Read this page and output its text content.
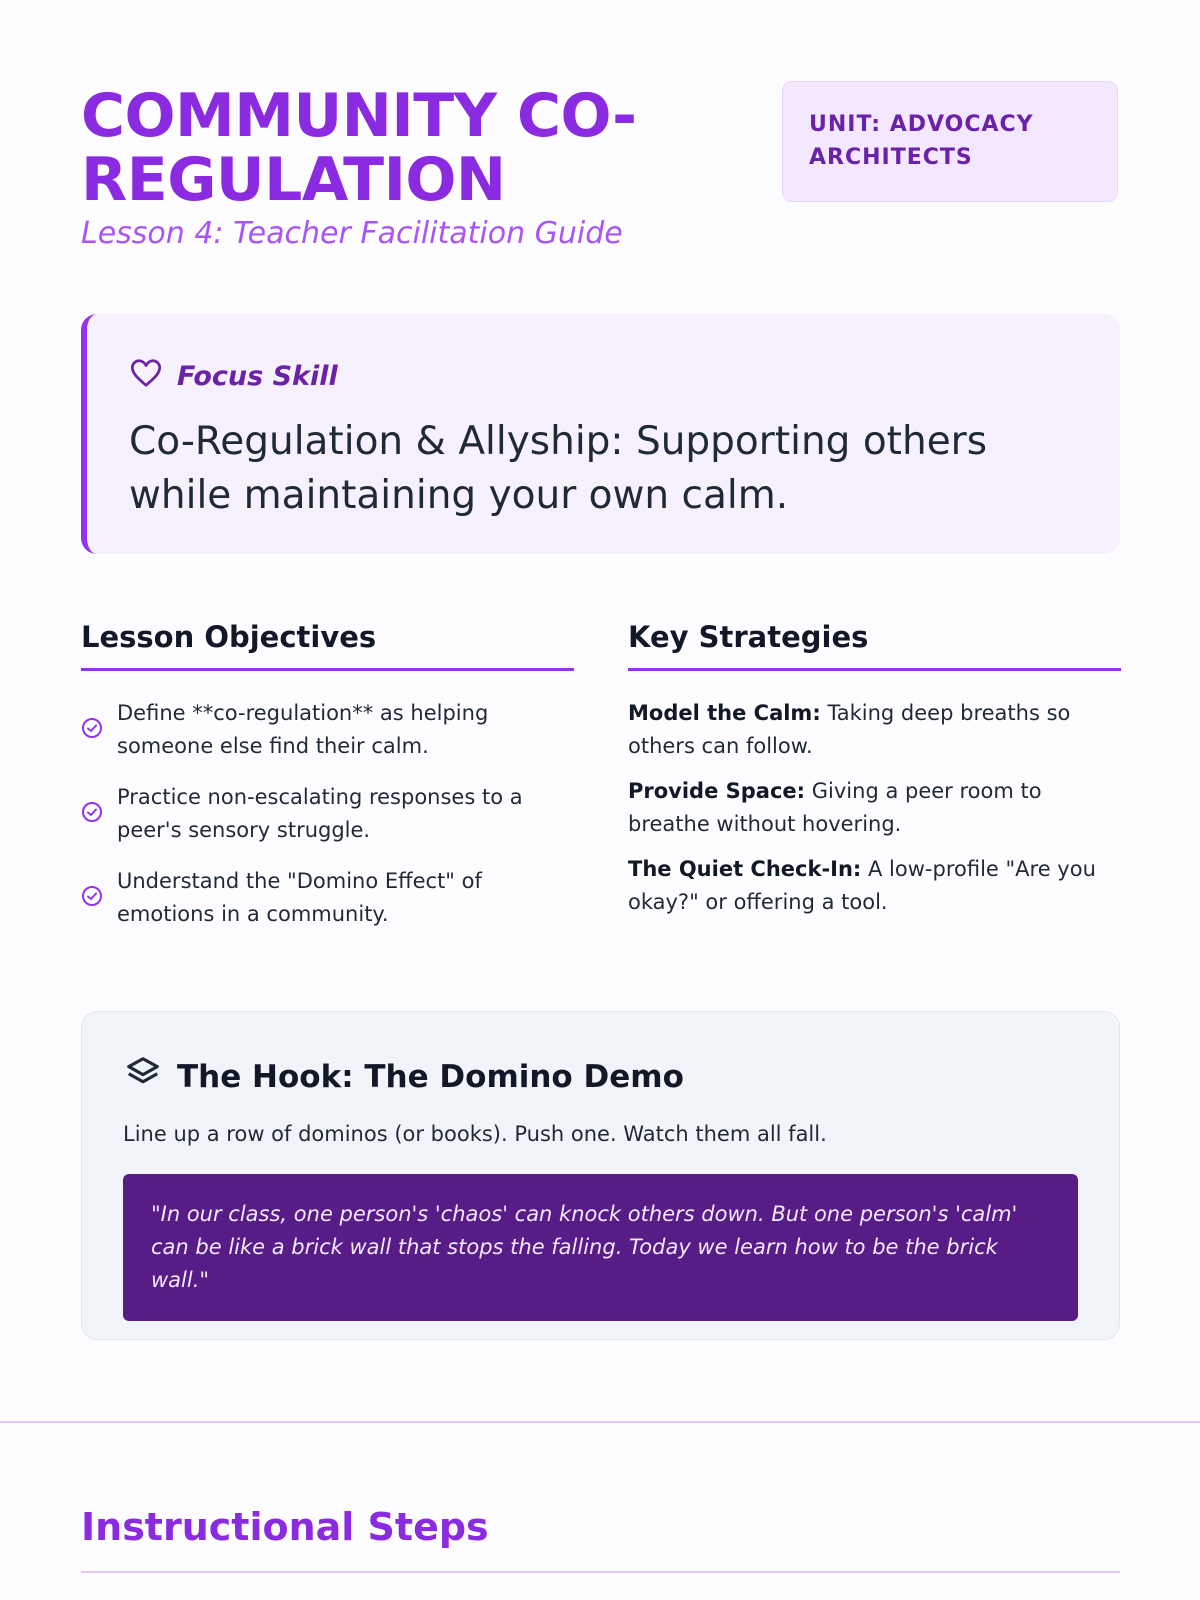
COMMUNITY CO-REGULATION

Lesson 4: Teacher Facilitation Guide

UNIT: ADVOCACY ARCHITECTS
Focus Skill
Co-Regulation & Allyship: Supporting others while maintaining your own calm.
Lesson Objectives
Define **co-regulation** as helping someone else find their calm.
Practice non-escalating responses to a peer's sensory struggle.
Understand the "Domino Effect" of emotions in a community.
Key Strategies

Model the Calm: Taking deep breaths so others can follow.

Provide Space: Giving a peer room to breathe without hovering.

The Quiet Check-In: A low-profile "Are you okay?" or offering a tool.

The Hook: The Domino Demo
Line up a row of dominos (or books). Push one. Watch them all fall.
"In our class, one person's 'chaos' can knock others down. But one person's 'calm' can be like a brick wall that stops the falling. Today we learn how to be the brick wall."
Instructional Steps
